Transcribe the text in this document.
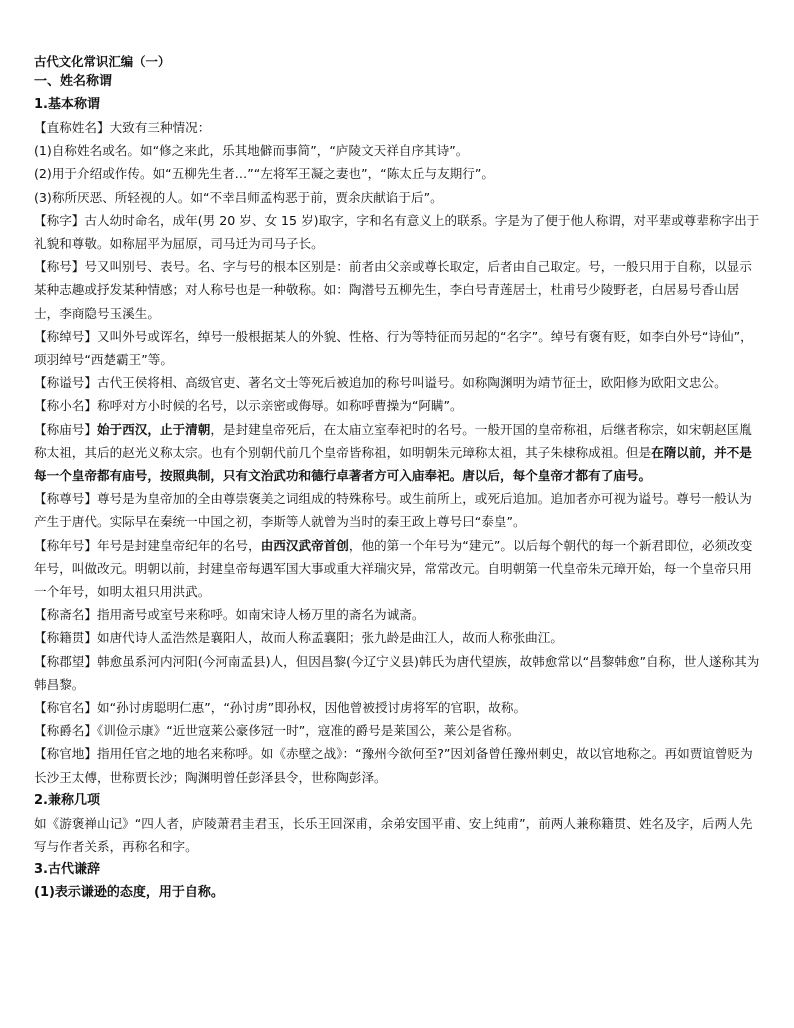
古代文化常识汇编（一）
一、姓名称谓
1.基本称谓
【直称姓名】大致有三种情况：
(1)自称姓名或名。如“修之来此，乐其地僻而事简”，“庐陵文天祥自序其诗”。
(2)用于介绍或作传。如“五柳先生者…”“左将军王凝之妻也”，“陈太丘与友期行”。
(3)称所厌恶、所轻视的人。如“不幸吕师孟构恶于前，贾余庆献谄于后”。
【称字】古人幼时命名，成年(男 20 岁、女 15 岁)取字，字和名有意义上的联系。字是为了便于他人称谓，对平辈或尊辈称字出于礼貌和尊敬。如称屈平为屈原，司马迁为司马子长。
【称号】号又叫别号、表号。名、字与号的根本区别是：前者由父亲或尊长取定，后者由自己取定。号，一般只用于自称，以显示某种志趣或抒发某种情感；对人称号也是一种敬称。如：陶潜号五柳先生，李白号青莲居士，杜甫号少陵野老，白居易号香山居士，李商隐号玉溪生。
【称绰号】又叫外号或诨名，绰号一般根据某人的外貌、性格、行为等特征而另起的“名字”。绰号有褒有贬，如李白外号“诗仙”，项羽绰号“西楚霸王”等。
【称谥号】古代王侯将相、高级官吏、著名文士等死后被追加的称号叫谥号。如称陶渊明为靖节征士，欧阳修为欧阳文忠公。
【称小名】称呼对方小时候的名号，以示亲密或侮辱。如称呼曹操为“阿瞒”。
【称庙号】始于西汉，止于清朝，是封建皇帝死后，在太庙立室奉祀时的名号。一般开国的皇帝称祖，后继者称宗，如宋朝赵匡胤称太祖，其后的赵光义称太宗。也有个别朝代前几个皇帝皆称祖，如明朝朱元璋称太祖，其子朱棣称成祖。但是在隋以前，并不是每一个皇帝都有庙号，按照典制，只有文治武功和德行卓著者方可入庙奉祀。唐以后，每个皇帝才都有了庙号。
【称尊号】尊号是为皇帝加的全由尊崇褒美之词组成的特殊称号。或生前所上，或死后追加。追加者亦可视为谥号。尊号一般认为产生于唐代。实际早在秦统一中国之初，李斯等人就曾为当时的秦王政上尊号曰“泰皇”。
【称年号】年号是封建皇帝纪年的名号，由西汉武帝首创，他的第一个年号为“建元”。以后每个朝代的每一个新君即位，必须改变年号，叫做改元。明朝以前，封建皇帝每遇军国大事或重大祥瑞灾异，常常改元。自明朝第一代皇帝朱元璋开始，每一个皇帝只用一个年号，如明太祖只用洪武。
【称斋名】指用斋号或室号来称呼。如南宋诗人杨万里的斋名为诚斋。
【称籍贯】如唐代诗人孟浩然是襄阳人，故而人称孟襄阳；张九龄是曲江人，故而人称张曲江。
【称郡望】韩愈虽系河内河阳(今河南孟县)人，但因昌黎(今辽宁义县)韩氏为唐代望族，故韩愈常以“昌黎韩愈”自称，世人遂称其为韩昌黎。
【称官名】如“孙讨虏聪明仁惠”，“孙讨虏”即孙权，因他曾被授讨虏将军的官职，故称。
【称爵名】《训俭示康》“近世寇莱公豪侈冠一时”，寇准的爵号是莱国公，莱公是省称。
【称官地】指用任官之地的地名来称呼。如《赤壁之战》：“豫州今欲何至?”因刘备曾任豫州刺史，故以官地称之。再如贾谊曾贬为长沙王太傅，世称贾长沙；陶渊明曾任彭泽县令，世称陶彭泽。
2.兼称几项
如《游褒禅山记》“四人者，庐陵萧君圭君玉，长乐王回深甫，余弟安国平甫、安上纯甫”，前两人兼称籍贯、姓名及字，后两人先写与作者关系，再称名和字。
3.古代谦辞
(1)表示谦逊的态度，用于自称。
